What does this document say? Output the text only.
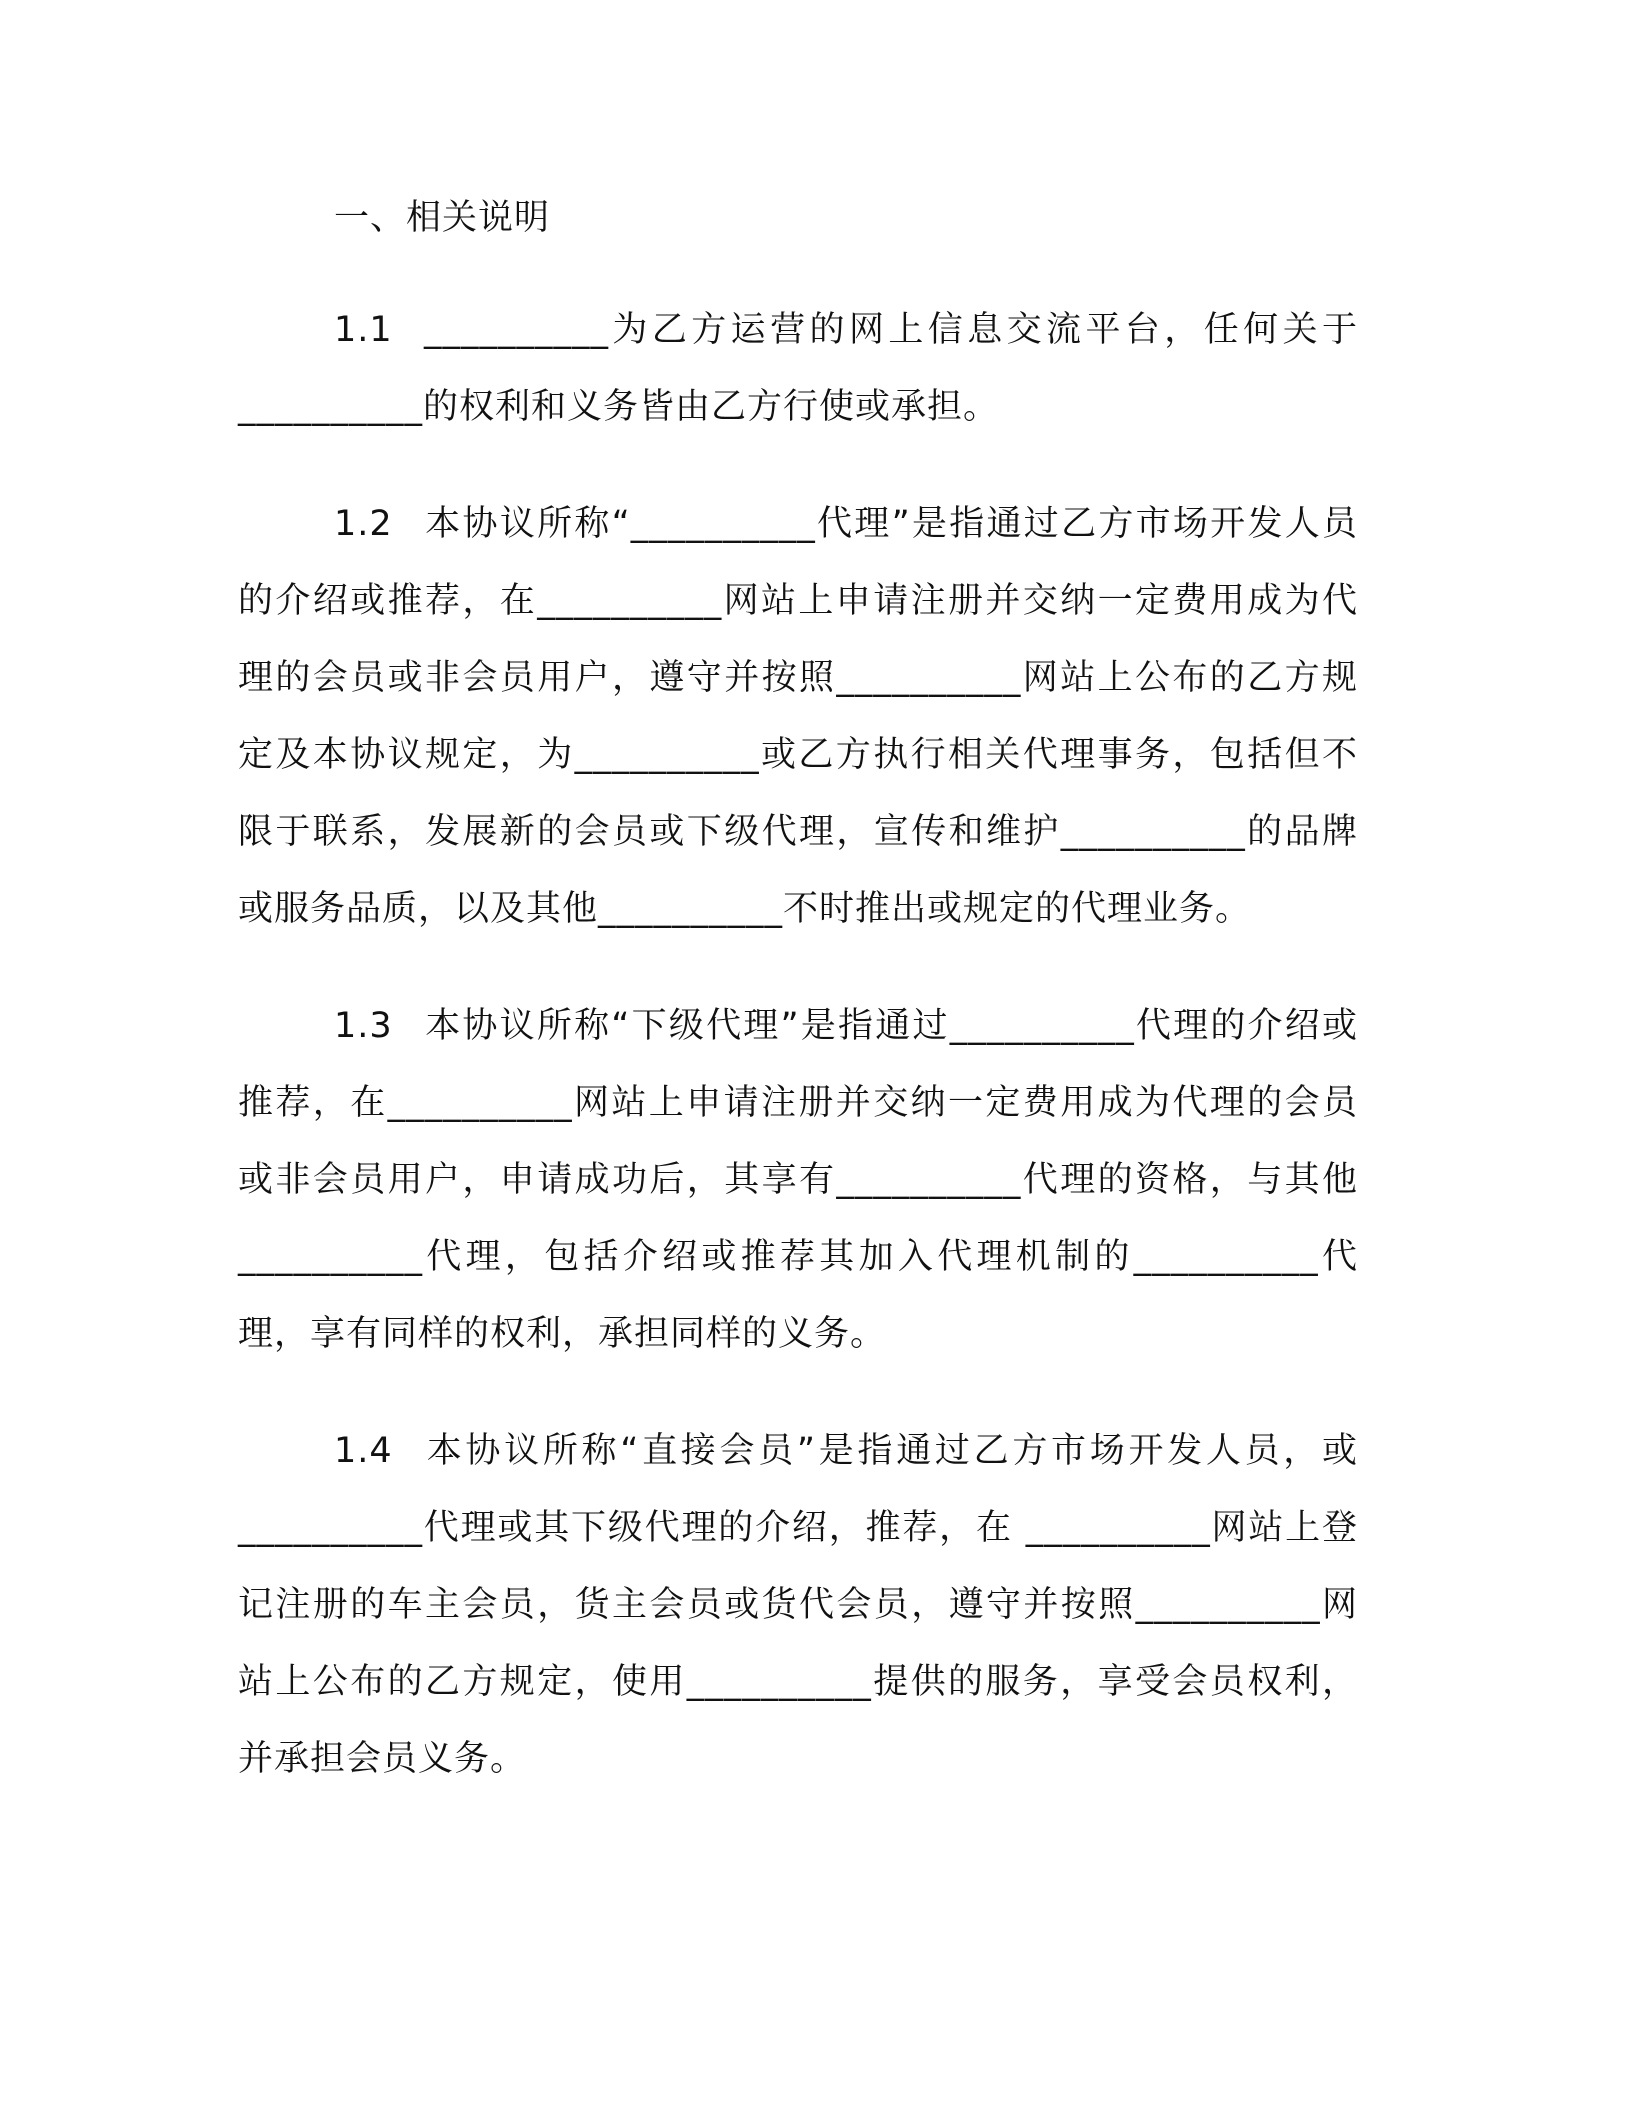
一、相关说明

1.1 __________为乙方运营的网上信息交流平台，任何关于__________的权利和义务皆由乙方行使或承担。

1.2 本协议所称“__________代理”是指通过乙方市场开发人员的介绍或推荐，在__________网站上申请注册并交纳一定费用成为代理的会员或非会员用户，遵守并按照__________网站上公布的乙方规定及本协议规定，为__________或乙方执行相关代理事务，包括但不限于联系，发展新的会员或下级代理，宣传和维护__________的品牌或服务品质，以及其他__________不时推出或规定的代理业务。

1.3 本协议所称“下级代理”是指通过__________代理的介绍或推荐，在__________网站上申请注册并交纳一定费用成为代理的会员或非会员用户，申请成功后，其享有__________代理的资格，与其他__________代理，包括介绍或推荐其加入代理机制的__________代理，享有同样的权利，承担同样的义务。

1.4 本协议所称“直接会员”是指通过乙方市场开发人员，或__________代理或其下级代理的介绍，推荐，在 __________网站上登记注册的车主会员，货主会员或货代会员，遵守并按照__________网站上公布的乙方规定，使用__________提供的服务，享受会员权利，并承担会员义务。
